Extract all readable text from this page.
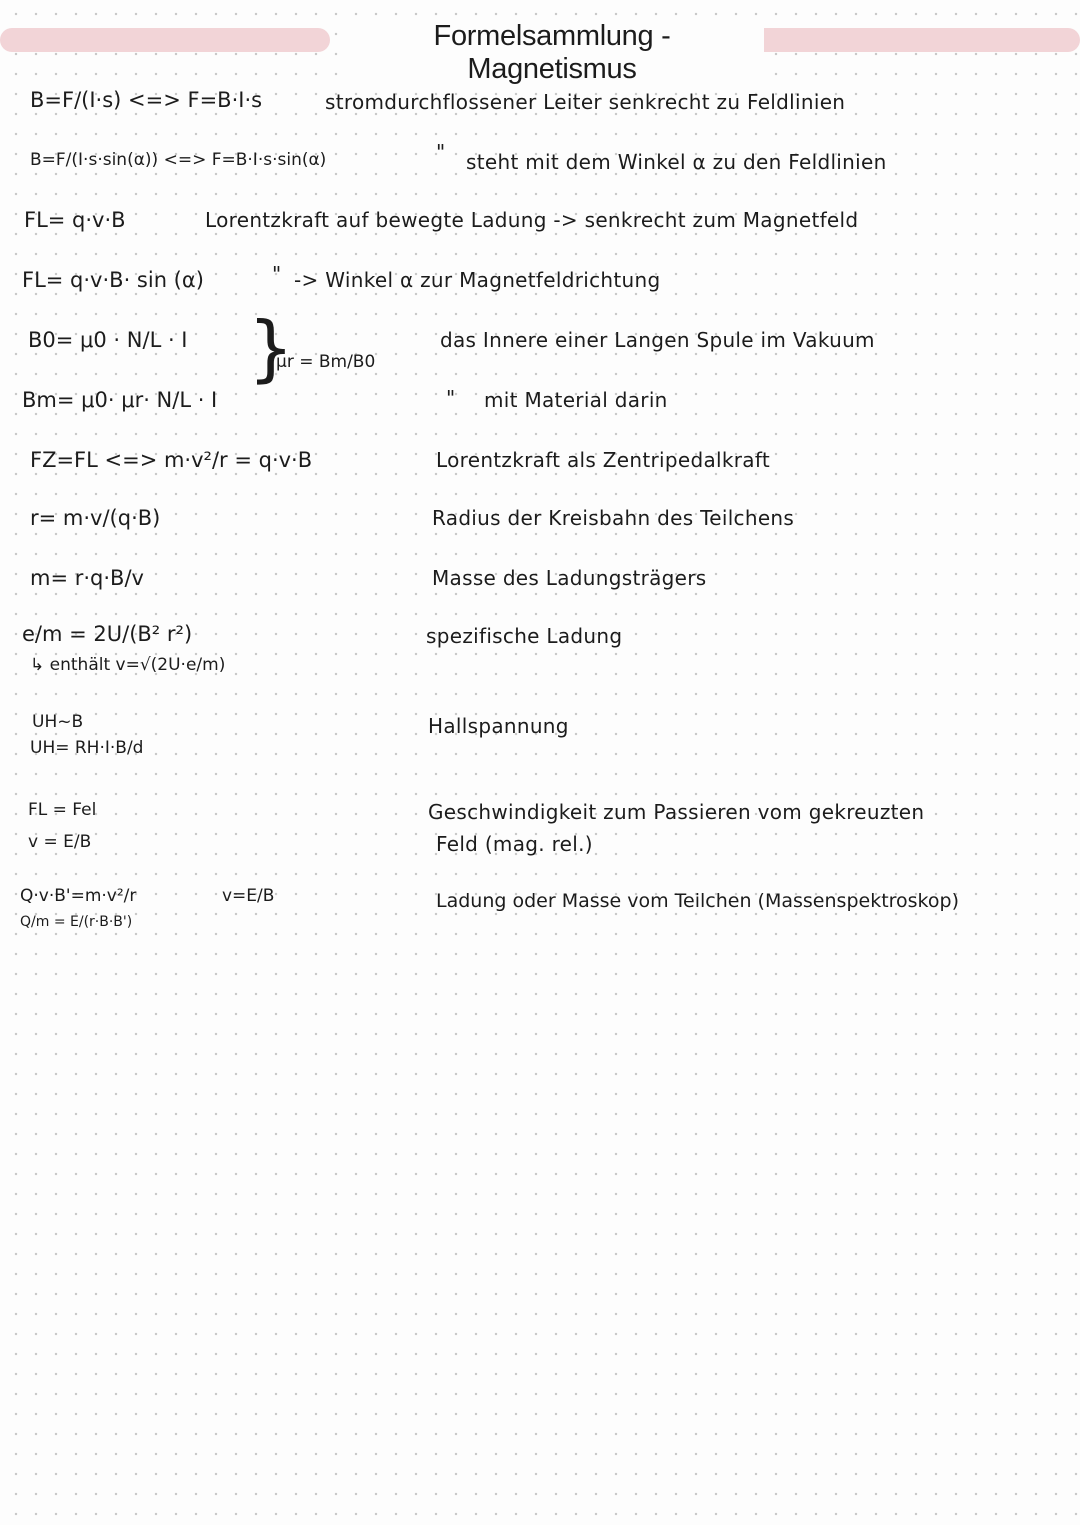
Formelsammlung - Magnetismus
B=F/(I·s) <=> F=B·I·s
B=F/(I·s·sin(α)) <=> F=B·I·s·sin(α)
FL= q·v·B
FL= q·v·B· sin (α)
B0= μ0 · N/L · I
Bm= μ0· μr· N/L · I
}
μr = Bm/B0
FZ=FL <=> m·v²/r = q·v·B
r= m·v/(q·B)
m= r·q·B/v
e/m = 2U/(B² r²)
↳ enthält v=√(2U·e/m)
UH~B
UH= RH·I·B/d
FL = Fel
v = E/B
Q·v·B'=m·v²/r	v=E/B
Q/m = E/(r·B·B')
"
"
"
stromdurchflossener Leiter senkrecht zu Feldlinien
steht mit dem Winkel α zu den Feldlinien
Lorentzkraft auf bewegte Ladung -> senkrecht zum Magnetfeld
-> Winkel α zur Magnetfeldrichtung
das Innere einer Langen Spule im Vakuum
mit Material darin
Lorentzkraft als Zentripedalkraft
Radius der Kreisbahn des Teilchens
Masse des Ladungsträgers
spezifische Ladung
Hallspannung
Geschwindigkeit zum Passieren vom gekreuzten
Feld (mag. rel.)
Ladung oder Masse vom Teilchen (Massenspektroskop)
